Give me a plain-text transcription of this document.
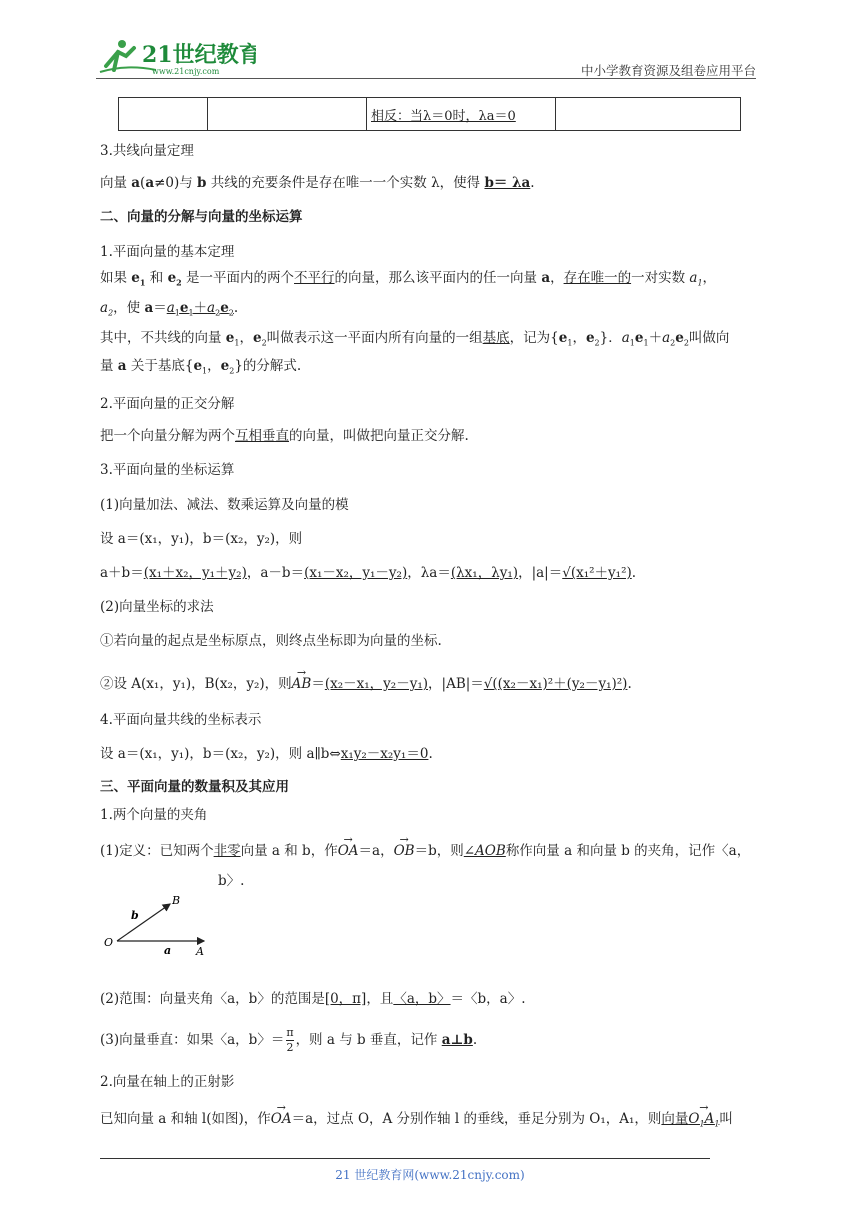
21世纪教育
www.21cnjy.com	中小学教育资源及组卷应用平台
		相反：当λ＝0时，λa＝0	
3.共线向量定理
向量 a(a≠0)与 b 共线的充要条件是存在唯一一个实数 λ，使得 b＝ λa.
二、向量的分解与向量的坐标运算
1.平面向量的基本定理
如果 $e_1$ 和 $e_2$ 是一平面内的两个不平行的向量，那么该平面内的任一向量 a，存在唯一的一对实数 $a_1$，
$a_2$，使 $a=a_1e_1+a_2e_2$.
其中，不共线的向量 $e_1$，$e_2$叫做表示这一平面内所有向量的一组基底，记为{$e_1$，$e_2$}．$a_1e_1+a_2e_2$叫做向
量 a 关于基底{$e_1$，$e_2$}的分解式.
2.平面向量的正交分解
把一个向量分解为两个互相垂直的向量，叫做把向量正交分解.
3.平面向量的坐标运算
(1)向量加法、减法、数乘运算及向量的模
设 a＝(x₁，y₁)，b＝(x₂，y₂)，则
a＋b＝(x₁＋x₂，y₁＋y₂)，a－b＝(x₁－x₂，y₁－y₂)，λa＝(λx₁，λy₁)，|a|＝√(x₁²＋y₁²).
(2)向量坐标的求法
①若向量的起点是坐标原点，则终点坐标即为向量的坐标.
②设 A(x₁，y₁)，B(x₂，y₂)，则→ AB＝(x₂－x₁，y₂－y₁)，|AB|＝√((x₂－x₁)²＋(y₂－y₁)²).
4.平面向量共线的坐标表示
设 a＝(x₁，y₁)，b＝(x₂，y₂)，则 a∥b⇔x₁y₂－x₂y₁＝0.
三、平面向量的数量积及其应用
1.两个向量的夹角
(1)定义：已知两个非零向量 a 和 b，作→ OA＝a，→ OB＝b，则∠AOB称作向量 a 和向量 b 的夹角，记作〈a，
b〉.
O
A
B
a
b
(2)范围：向量夹角〈a，b〉的范围是[0，π]，且〈a，b〉＝〈b，a〉.
(3)向量垂直：如果〈a，b〉＝ $\frac{\pi}{2}$ ，则 a 与 b 垂直，记作 a⊥b.
2.向量在轴上的正射影
已知向量 a 和轴 l(如图)，作→ OA＝a，过点 O，A 分别作轴 l 的垂线，垂足分别为 O₁，A₁，则向量→ $O_1A_1$叫
21 世纪教育网(www.21cnjy.com)
